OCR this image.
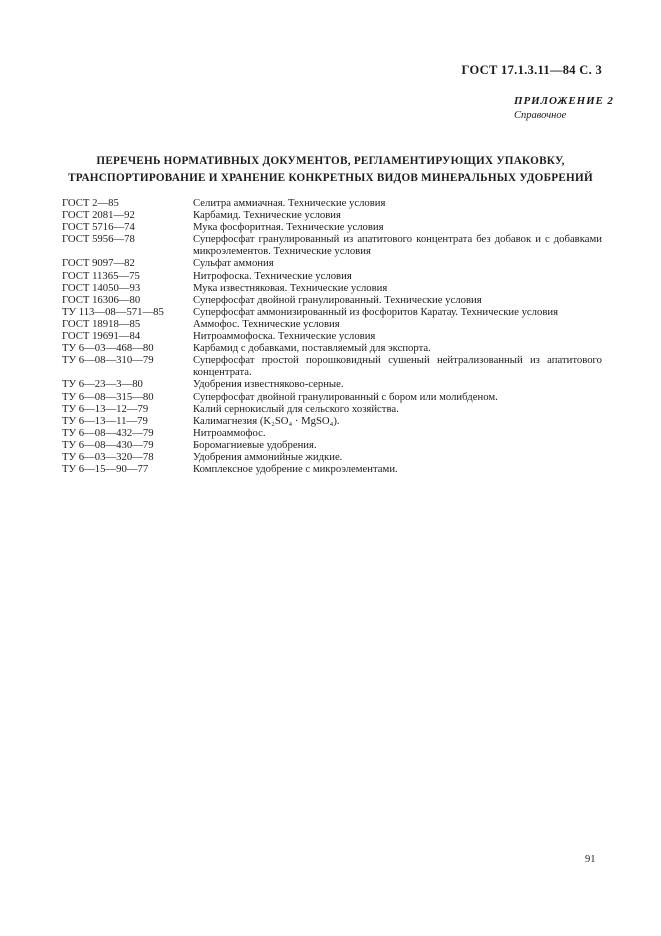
ГОСТ 17.1.3.11—84 С. 3
ПРИЛОЖЕНИЕ 2
Справочное
ПЕРЕЧЕНЬ НОРМАТИВНЫХ ДОКУМЕНТОВ, РЕГЛАМЕНТИРУЮЩИХ УПАКОВКУ,
ТРАНСПОРТИРОВАНИЕ И ХРАНЕНИЕ КОНКРЕТНЫХ ВИДОВ МИНЕРАЛЬНЫХ УДОБРЕНИЙ
ГОСТ 2—85	Селитра аммиачная. Технические условия
ГОСТ 2081—92	Карбамид. Технические условия
ГОСТ 5716—74	Мука фосфоритная. Технические условия
ГОСТ 5956—78	Суперфосфат гранулированный из апатитового концентрата без добавок и с добавками микроэлементов. Технические условия
ГОСТ 9097—82	Сульфат аммония
ГОСТ 11365—75	Нитрофоска. Технические условия
ГОСТ 14050—93	Мука известняковая. Технические условия
ГОСТ 16306—80	Суперфосфат двойной гранулированный. Технические условия
ТУ 113—08—571—85	Суперфосфат аммонизированный из фосфоритов Каратау. Технические условия
ГОСТ 18918—85	Аммофос. Технические условия
ГОСТ 19691—84	Нитроаммофоска. Технические условия
ТУ 6—03—468—80	Карбамид с добавками, поставляемый для экспорта.
ТУ 6—08—310—79	Суперфосфат простой порошковидный сушеный нейтрализованный из апатитового концентрата.
ТУ 6—23—3—80	Удобрения известняково-серные.
ТУ 6—08—315—80	Суперфосфат двойной гранулированный с бором или молибденом.
ТУ 6—13—12—79	Калий сернокислый для сельского хозяйства.
ТУ 6—13—11—79	Калимагнезия (K₂SO₄ · MgSO₄).
ТУ 6—08—432—79	Нитроаммофос.
ТУ 6—08—430—79	Боромагниевые удобрения.
ТУ 6—03—320—78	Удобрения аммонийные жидкие.
ТУ 6—15—90—77	Комплексное удобрение с микроэлементами.
91
